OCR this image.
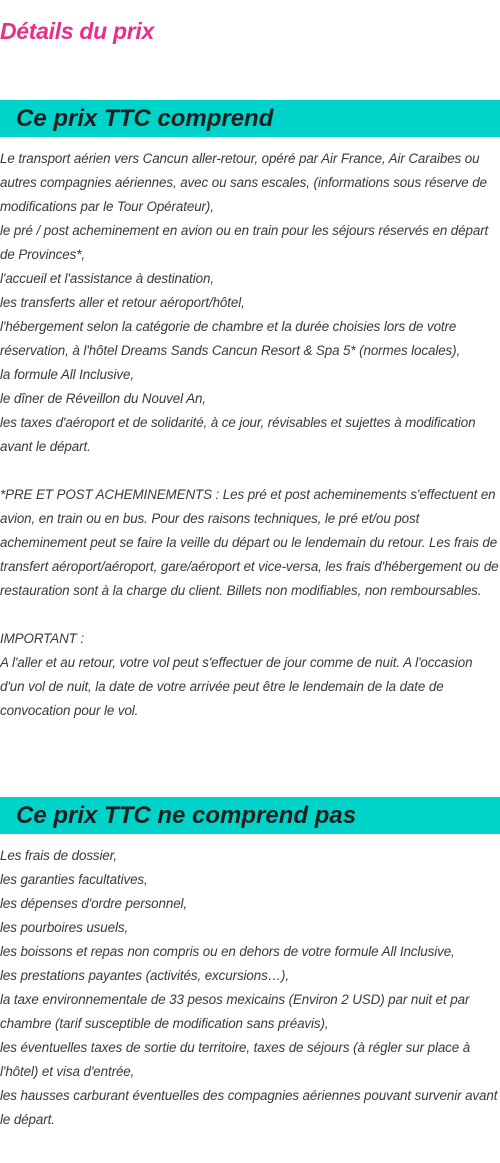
Détails du prix
Ce prix TTC comprend
Le transport aérien vers Cancun aller-retour, opéré par Air France, Air Caraibes ou autres compagnies aériennes, avec ou sans escales, (informations sous réserve de modifications par le Tour Opérateur),
le pré / post acheminement en avion ou en train pour les séjours réservés en départ de Provinces*,
l'accueil et l'assistance à destination,
les transferts aller et retour aéroport/hôtel,
l'hébergement selon la catégorie de chambre et la durée choisies lors de votre réservation, à l'hôtel Dreams Sands Cancun Resort & Spa 5* (normes locales),
la formule All Inclusive,
le dîner de Réveillon du Nouvel An,
les taxes d'aéroport et de solidarité, à ce jour, révisables et sujettes à modification avant le départ.
*PRE ET POST ACHEMINEMENTS : Les pré et post acheminements s'effectuent en avion, en train ou en bus. Pour des raisons techniques, le pré et/ou post acheminement peut se faire la veille du départ ou le lendemain du retour. Les frais de transfert aéroport/aéroport, gare/aéroport et vice-versa, les frais d'hébergement ou de restauration sont à la charge du client. Billets non modifiables, non remboursables.
IMPORTANT :
A l'aller et au retour, votre vol peut s'effectuer de jour comme de nuit. A l'occasion d'un vol de nuit, la date de votre arrivée peut être le lendemain de la date de convocation pour le vol.
Ce prix TTC ne comprend pas
Les frais de dossier,
les garanties facultatives,
les dépenses d'ordre personnel,
les pourboires usuels,
les boissons et repas non compris ou en dehors de votre formule All Inclusive,
les prestations payantes (activités, excursions…),
la taxe environnementale de 33 pesos mexicains (Environ 2 USD) par nuit et par chambre (tarif susceptible de modification sans préavis),
les éventuelles taxes de sortie du territoire, taxes de séjours (à régler sur place à l'hôtel) et visa d'entrée,
les hausses carburant éventuelles des compagnies aériennes pouvant survenir avant le départ.
